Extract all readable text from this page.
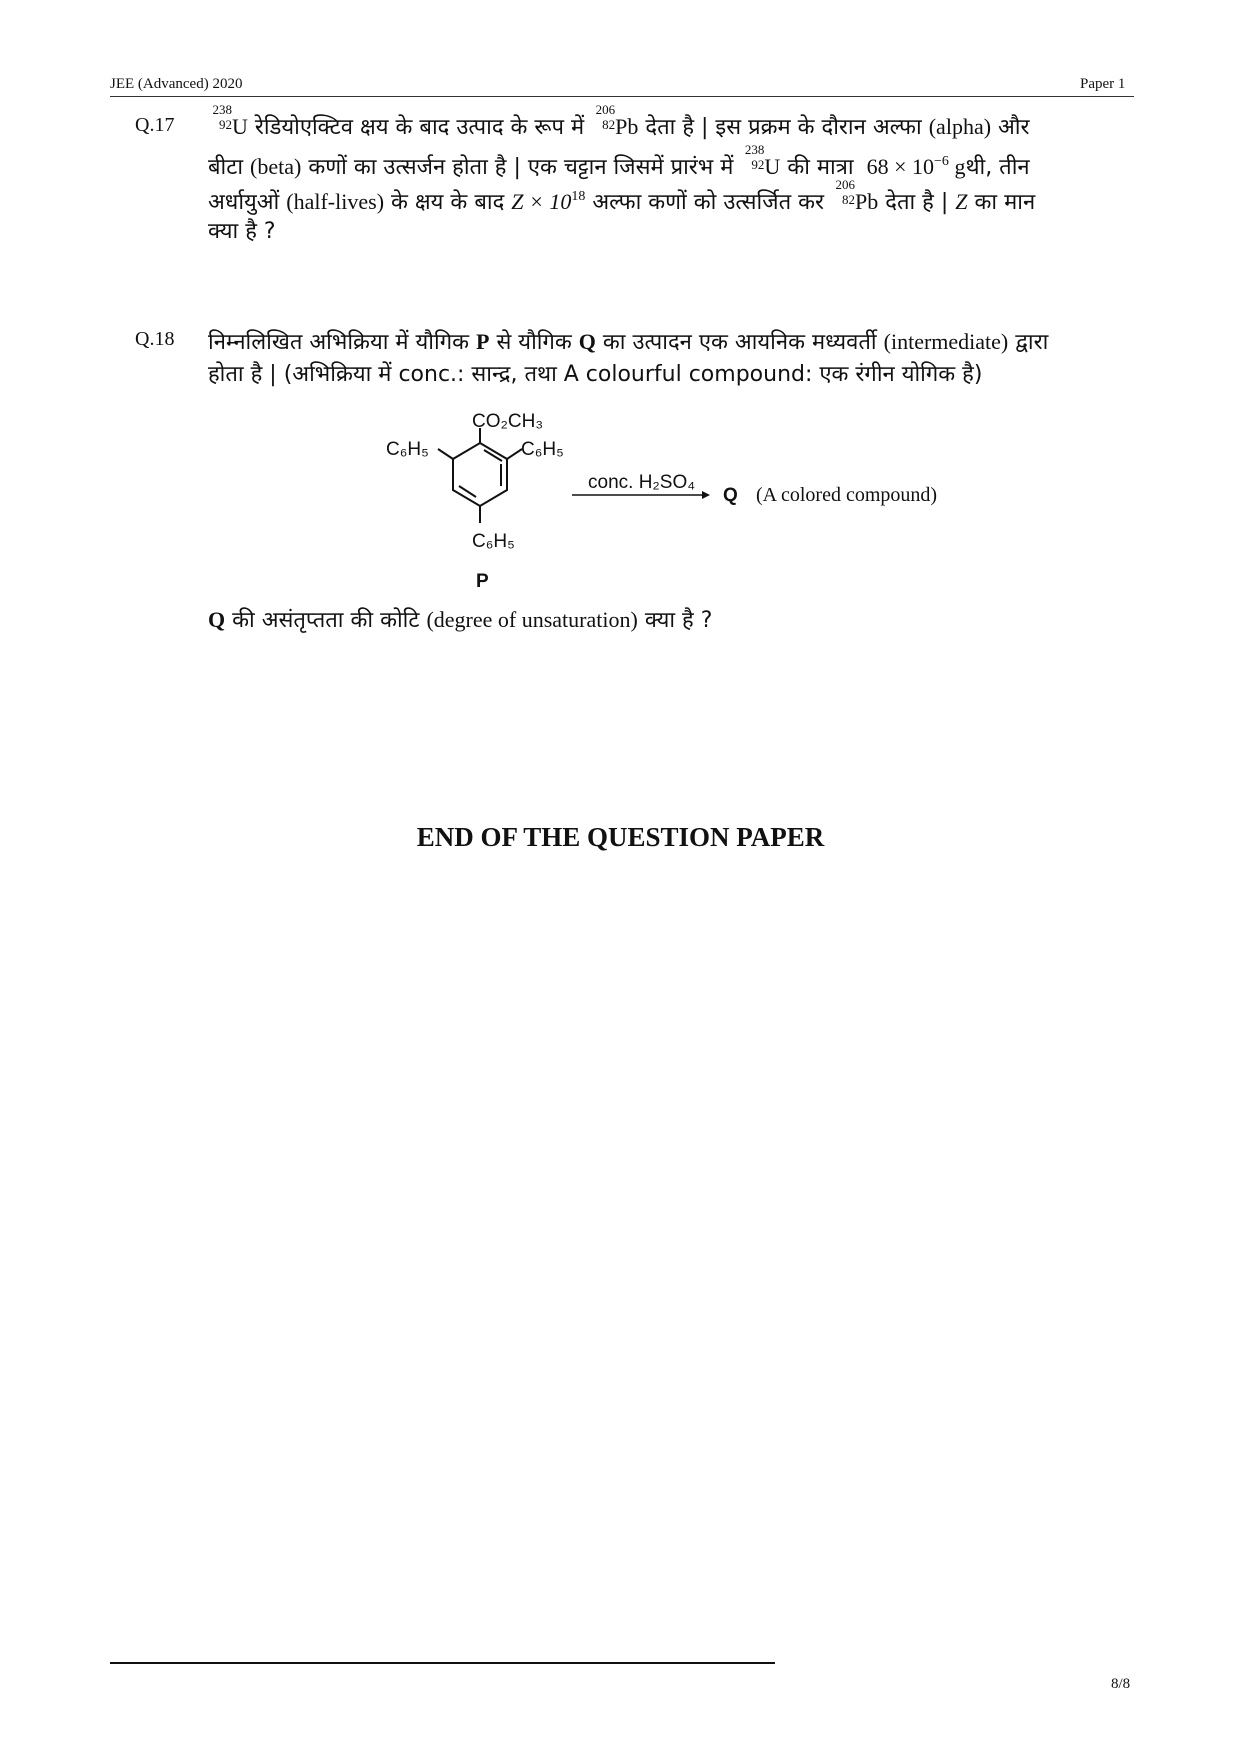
JEE (Advanced) 2020	Paper 1
Q.17
238
92 U रेडियोएक्टिव क्षय के बाद उत्पाद के रूप में
206
82 Pb देता है | इस प्रक्रम के दौरान अल्फा (alpha) और
बीटा (beta) कणों का उत्सर्जन होता है | एक चट्टान जिसमें प्रारंभ में
238
92 U की मात्रा $68 \times 10^{-6}$ gथी, तीन
अर्धायुओं (half-lives) के क्षय के बाद $Z \times 10^{18}$ अल्फा कणों को उत्सर्जित कर
206
82 Pb देता है | Z का मान
क्या है ?
Q.18 निम्नलिखित अभिक्रिया में यौगिक P से यौगिक Q का उत्पादन एक आयनिक मध्यवर्ती (intermediate) द्वारा
होता है | (अभिक्रिया में conc.: सान्द्र, तथा A colourful compound: एक रंगीन योगिक है)
CO₂CH₃
C₆H₅	C₆H₅
C₆H₅
P
conc. H₂SO₄
Q (A colored compound)
Q की असंतृप्तता की कोटि (degree of unsaturation) क्या है ?
END OF THE QUESTION PAPER
8/8
